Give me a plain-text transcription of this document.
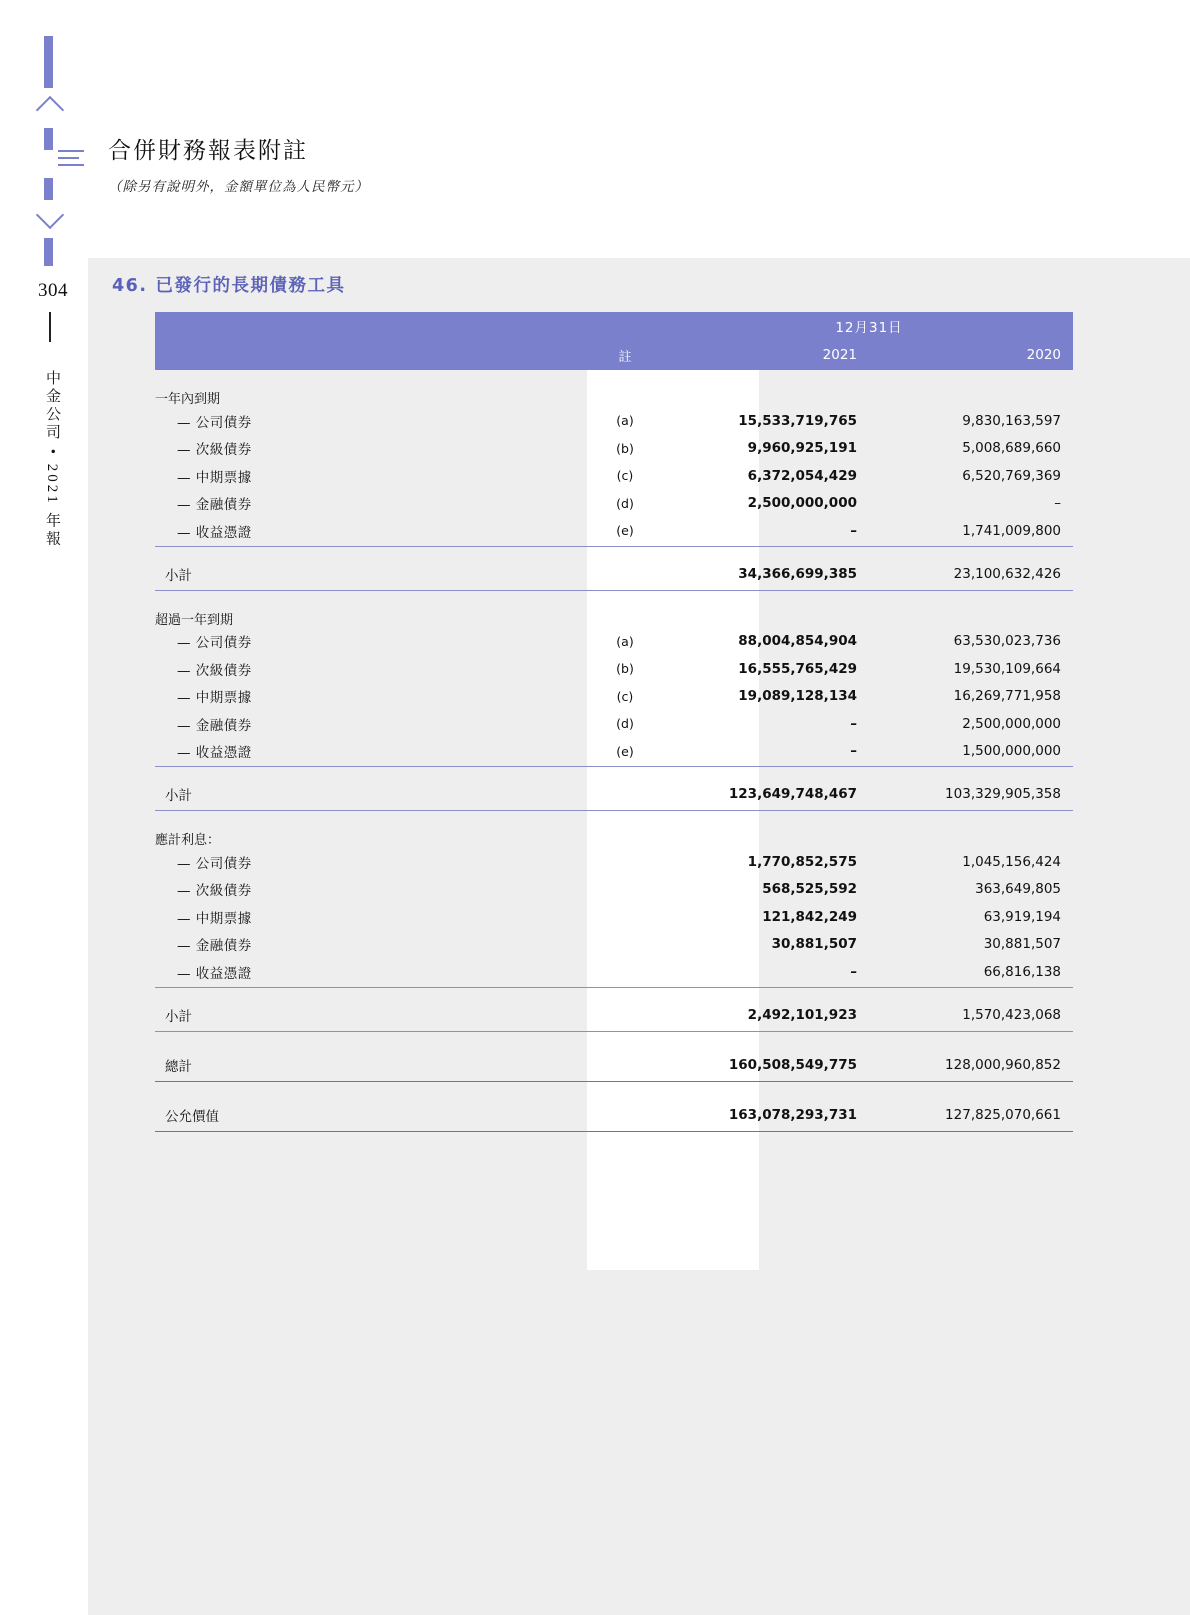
304
中金公司 • 2021 年報
合併財務報表附註
（除另有說明外，金額單位為人民幣元）
46. 已發行的長期債務工具
		12月31日	
	註	2021	2020

一年內到期			
— 公司債券	(a)	15,533,719,765	9,830,163,597
— 次級債券	(b)	9,960,925,191	5,008,689,660
— 中期票據	(c)	6,372,054,429	6,520,769,369
— 金融債券	(d)	2,500,000,000	–
— 收益憑證	(e)	–	1,741,009,800

小計		34,366,699,385	23,100,632,426

超過一年到期			
— 公司債券	(a)	88,004,854,904	63,530,023,736
— 次級債券	(b)	16,555,765,429	19,530,109,664
— 中期票據	(c)	19,089,128,134	16,269,771,958
— 金融債券	(d)	–	2,500,000,000
— 收益憑證	(e)	–	1,500,000,000

小計		123,649,748,467	103,329,905,358

應計利息：			
— 公司債券		1,770,852,575	1,045,156,424
— 次級債券		568,525,592	363,649,805
— 中期票據		121,842,249	63,919,194
— 金融債券		30,881,507	30,881,507
— 收益憑證		–	66,816,138

小計		2,492,101,923	1,570,423,068

總計		160,508,549,775	128,000,960,852

公允價值		163,078,293,731	127,825,070,661
